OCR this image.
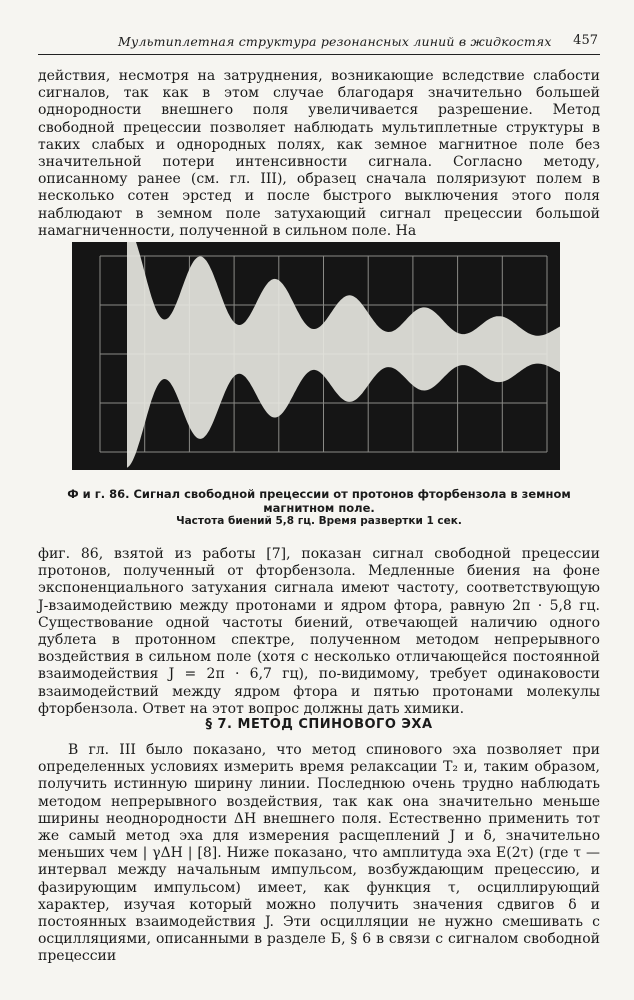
Мультиплетная структура резонансных линий в жидкостях 457

действия, несмотря на затруднения, возникающие вследствие слабости сигналов, так как в этом случае благодаря значительно большей однородности внешнего поля увеличивается разрешение. Метод свободной прецессии позволяет наблюдать мультиплетные структуры в таких слабых и однородных полях, как земное магнитное поле без значительной потери интенсивности сигнала. Согласно методу, описанному ранее (см. гл. III), образец сначала поляризуют полем в несколько сотен эрстед и после быстрого выключения этого поля наблюдают в земном поле затухающий сигнал прецессии большой намагниченности, полученной в сильном поле. На

Ф и г. 86. Сигнал свободной прецессии от протонов фторбензола в земном магнитном поле.
Частота биений 5,8 гц. Время развертки 1 сек.

фиг. 86, взятой из работы [7], показан сигнал свободной прецессии протонов, полученный от фторбензола. Медленные биения на фоне экспоненциального затухания сигнала имеют частоту, соответствующую J-взаимодействию между протонами и ядром фтора, равную 2π · 5,8 гц. Существование одной частоты биений, отвечающей наличию одного дублета в протонном спектре, полученном методом непрерывного воздействия в сильном поле (хотя с несколько отличающейся постоянной взаимодействия J = 2π · 6,7 гц), по-видимому, требует одинаковости взаимодействий между ядром фтора и пятью протонами молекулы фторбензола. Ответ на этот вопрос должны дать химики.

§ 7. МЕТОД СПИНОВОГО ЭХА

В гл. III было показано, что метод спинового эха позволяет при определенных условиях измерить время релаксации T₂ и, таким образом, получить истинную ширину линии. Последнюю очень трудно наблюдать методом непрерывного воздействия, так как она значительно меньше ширины неоднородности ΔH внешнего поля. Естественно применить тот же самый метод эха для измерения расщеплений J и δ, значительно меньших чем | γΔH | [8]. Ниже показано, что амплитуда эха E(2τ) (где τ — интервал между начальным импульсом, возбуждающим прецессию, и фазирующим импульсом) имеет, как функция τ, осциллирующий характер, изучая который можно получить значения сдвигов δ и постоянных взаимодействия J. Эти осцилляции не нужно смешивать с осцилляциями, описанными в разделе Б, § 6 в связи с сигналом свободной прецессии
